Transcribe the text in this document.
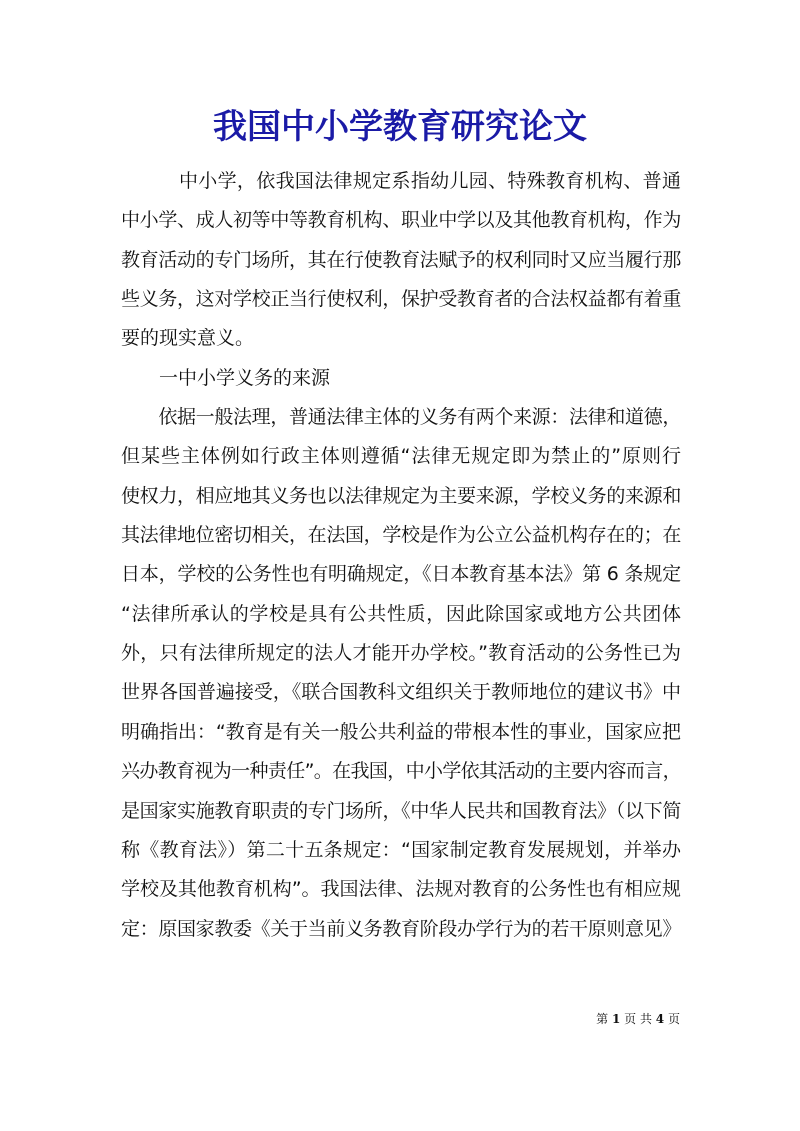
我国中小学教育研究论文
　　　中小学，依我国法律规定系指幼儿园、特殊教育机构、普通
中小学、成人初等中等教育机构、职业中学以及其他教育机构，作为
教育活动的专门场所，其在行使教育法赋予的权利同时又应当履行那
些义务，这对学校正当行使权利，保护受教育者的合法权益都有着重
要的现实意义。
　　一中小学义务的来源
　　依据一般法理，普通法律主体的义务有两个来源：法律和道德，
但某些主体例如行政主体则遵循“法律无规定即为禁止的”原则行
使权力，相应地其义务也以法律规定为主要来源，学校义务的来源和
其法律地位密切相关，在法国，学校是作为公立公益机构存在的；在
日本，学校的公务性也有明确规定，《日本教育基本法》第 6 条规定
“法律所承认的学校是具有公共性质，因此除国家或地方公共团体
外，只有法律所规定的法人才能开办学校。”教育活动的公务性已为
世界各国普遍接受，《联合国教科文组织关于教师地位的建议书》中
明确指出：“教育是有关一般公共利益的带根本性的事业，国家应把
兴办教育视为一种责任”。在我国，中小学依其活动的主要内容而言，
是国家实施教育职责的专门场所，《中华人民共和国教育法》（以下简
称《教育法》）第二十五条规定：“国家制定教育发展规划，并举办
学校及其他教育机构”。我国法律、法规对教育的公务性也有相应规
定：原国家教委《关于当前义务教育阶段办学行为的若干原则意见》
第 1 页 共 4 页
